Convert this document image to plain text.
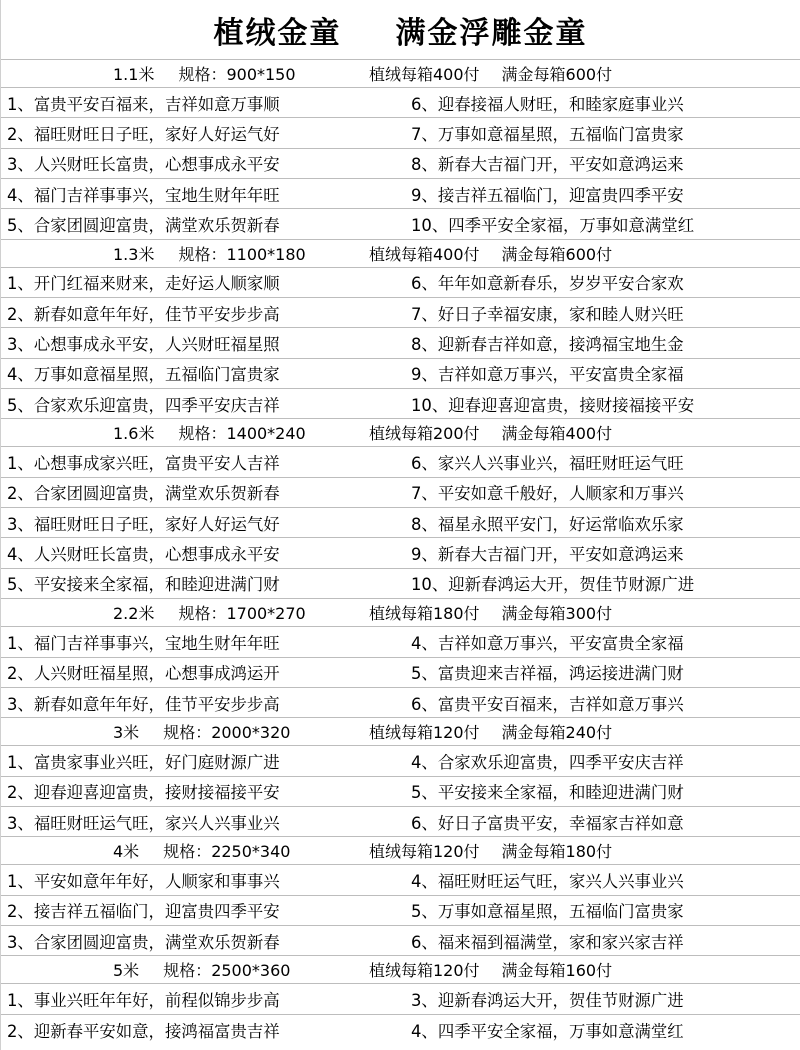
植绒金童 满金浮雕金童
1.1米 规格：900*150	植绒每箱400付 满金每箱600付
1、富贵平安百福来，吉祥如意万事顺	6、迎春接福人财旺，和睦家庭事业兴
2、福旺财旺日子旺，家好人好运气好	7、万事如意福星照，五福临门富贵家
3、人兴财旺长富贵，心想事成永平安	8、新春大吉福门开，平安如意鸿运来
4、福门吉祥事事兴，宝地生财年年旺	9、接吉祥五福临门，迎富贵四季平安
5、合家团圆迎富贵，满堂欢乐贺新春	10、四季平安全家福，万事如意满堂红
1.3米 规格：1100*180	植绒每箱400付 满金每箱600付
1、开门红福来财来，走好运人顺家顺	6、年年如意新春乐，岁岁平安合家欢
2、新春如意年年好，佳节平安步步高	7、好日子幸福安康，家和睦人财兴旺
3、心想事成永平安，人兴财旺福星照	8、迎新春吉祥如意，接鸿福宝地生金
4、万事如意福星照，五福临门富贵家	9、吉祥如意万事兴，平安富贵全家福
5、合家欢乐迎富贵，四季平安庆吉祥	10、迎春迎喜迎富贵，接财接福接平安
1.6米 规格：1400*240	植绒每箱200付 满金每箱400付
1、心想事成家兴旺，富贵平安人吉祥	6、家兴人兴事业兴，福旺财旺运气旺
2、合家团圆迎富贵，满堂欢乐贺新春	7、平安如意千般好，人顺家和万事兴
3、福旺财旺日子旺，家好人好运气好	8、福星永照平安门，好运常临欢乐家
4、人兴财旺长富贵，心想事成永平安	9、新春大吉福门开，平安如意鸿运来
5、平安接来全家福，和睦迎进满门财	10、迎新春鸿运大开，贺佳节财源广进
2.2米 规格：1700*270	植绒每箱180付 满金每箱300付
1、福门吉祥事事兴，宝地生财年年旺	4、吉祥如意万事兴，平安富贵全家福
2、人兴财旺福星照，心想事成鸿运开	5、富贵迎来吉祥福，鸿运接进满门财
3、新春如意年年好，佳节平安步步高	6、富贵平安百福来，吉祥如意万事兴
3米 规格：2000*320	植绒每箱120付 满金每箱240付
1、富贵家事业兴旺，好门庭财源广进	4、合家欢乐迎富贵，四季平安庆吉祥
2、迎春迎喜迎富贵，接财接福接平安	5、平安接来全家福，和睦迎进满门财
3、福旺财旺运气旺，家兴人兴事业兴	6、好日子富贵平安，幸福家吉祥如意
4米 规格：2250*340	植绒每箱120付 满金每箱180付
1、平安如意年年好，人顺家和事事兴	4、福旺财旺运气旺，家兴人兴事业兴
2、接吉祥五福临门，迎富贵四季平安	5、万事如意福星照，五福临门富贵家
3、合家团圆迎富贵，满堂欢乐贺新春	6、福来福到福满堂，家和家兴家吉祥
5米 规格：2500*360	植绒每箱120付 满金每箱160付
1、事业兴旺年年好，前程似锦步步高	3、迎新春鸿运大开，贺佳节财源广进
2、迎新春平安如意，接鸿福富贵吉祥	4、四季平安全家福，万事如意满堂红
